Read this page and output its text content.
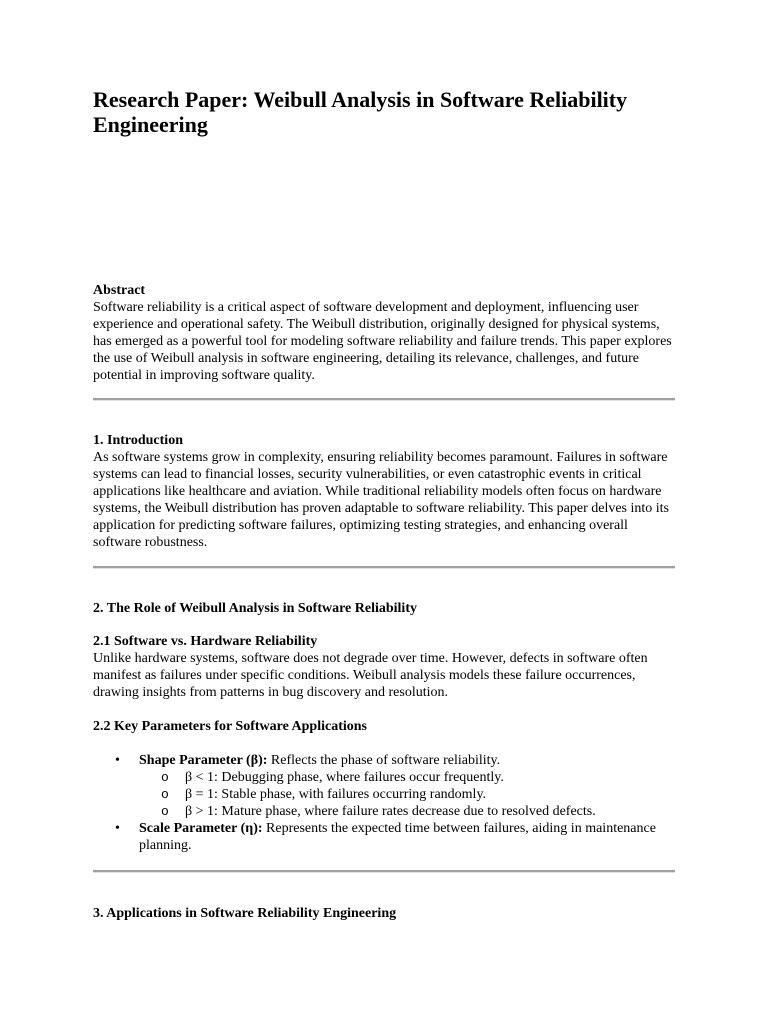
Research Paper: Weibull Analysis in Software Reliability Engineering

Abstract

Software reliability is a critical aspect of software development and deployment, influencing user experience and operational safety. The Weibull distribution, originally designed for physical systems, has emerged as a powerful tool for modeling software reliability and failure trends. This paper explores the use of Weibull analysis in software engineering, detailing its relevance, challenges, and future potential in improving software quality.

1. Introduction

As software systems grow in complexity, ensuring reliability becomes paramount. Failures in software systems can lead to financial losses, security vulnerabilities, or even catastrophic events in critical applications like healthcare and aviation. While traditional reliability models often focus on hardware systems, the Weibull distribution has proven adaptable to software reliability. This paper delves into its application for predicting software failures, optimizing testing strategies, and enhancing overall software robustness.

2. The Role of Weibull Analysis in Software Reliability

2.1 Software vs. Hardware Reliability

Unlike hardware systems, software does not degrade over time. However, defects in software often manifest as failures under specific conditions. Weibull analysis models these failure occurrences, drawing insights from patterns in bug discovery and resolution.

2.2 Key Parameters for Software Applications

• Shape Parameter (β): Reflects the phase of software reliability.
o β < 1: Debugging phase, where failures occur frequently.
o β = 1: Stable phase, with failures occurring randomly.
o β > 1: Mature phase, where failure rates decrease due to resolved defects.
• Scale Parameter (η): Represents the expected time between failures, aiding in maintenance planning.

3. Applications in Software Reliability Engineering
